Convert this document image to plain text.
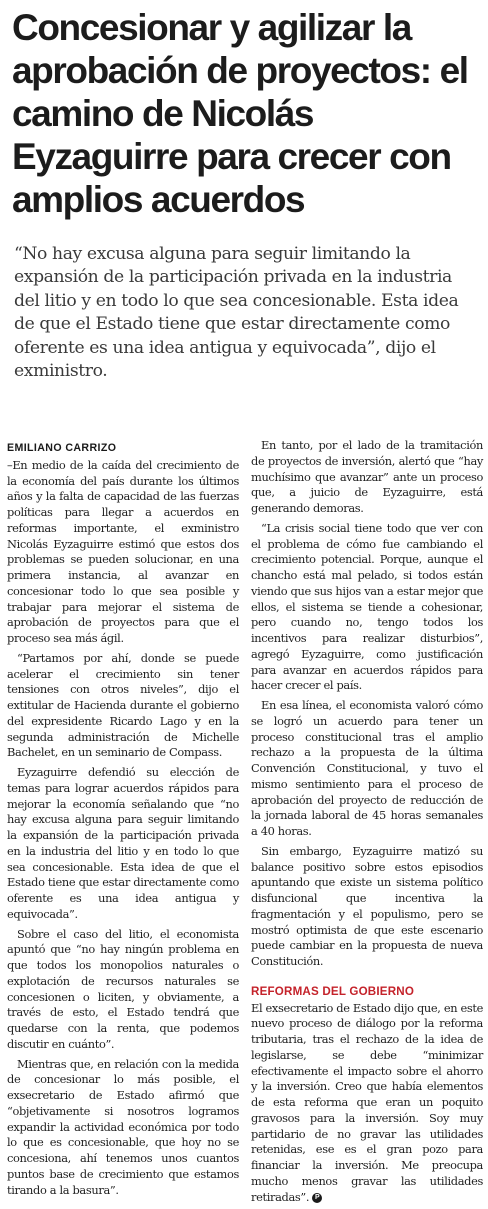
Concesionar y agilizar la aprobación de proyectos: el camino de Nicolás Eyzaguirre para crecer con amplios acuerdos

“No hay excusa alguna para seguir limitando la expansión de la participación privada en la industria del litio y en todo lo que sea concesionable. Esta idea de que el Estado tiene que estar directamente como oferente es una idea antigua y equivocada”, dijo el exministro.

EMILIANO CARRIZO

–En medio de la caída del crecimiento de la economía del país durante los últimos años y la falta de capacidad de las fuerzas políticas para llegar a acuerdos en reformas importante, el exministro Nicolás Eyzaguirre estimó que estos dos problemas se pueden solucionar, en una primera instancia, al avanzar en concesionar todo lo que sea posible y trabajar para mejorar el sistema de aprobación de proyectos para que el proceso sea más ágil.

“Partamos por ahí, donde se puede acelerar el crecimiento sin tener tensiones con otros niveles”, dijo el extitular de Hacienda durante el gobierno del expresidente Ricardo Lago y en la segunda administración de Michelle Bachelet, en un seminario de Compass.

Eyzaguirre defendió su elección de temas para lograr acuerdos rápidos para mejorar la economía señalando que “no hay excusa alguna para seguir limitando la expansión de la participación privada en la industria del litio y en todo lo que sea concesionable. Esta idea de que el Estado tiene que estar directamente como oferente es una idea antigua y equivocada”.

Sobre el caso del litio, el economista apuntó que “no hay ningún problema en que todos los monopolios naturales o explotación de recursos naturales se concesionen o liciten, y obviamente, a través de esto, el Estado tendrá que quedarse con la renta, que podemos discutir en cuánto”.

Mientras que, en relación con la medida de concesionar lo más posible, el exsecretario de Estado afirmó que “objetivamente si nosotros logramos expandir la actividad económica por todo lo que es concesionable, que hoy no se concesiona, ahí tenemos unos cuantos puntos base de crecimiento que estamos tirando a la basura”.

En tanto, por el lado de la tramitación de proyectos de inversión, alertó que “hay muchísimo que avanzar” ante un proceso que, a juicio de Eyzaguirre, está generando demoras.

“La crisis social tiene todo que ver con el problema de cómo fue cambiando el crecimiento potencial. Porque, aunque el chancho está mal pelado, si todos están viendo que sus hijos van a estar mejor que ellos, el sistema se tiende a cohesionar, pero cuando no, tengo todos los incentivos para realizar disturbios”, agregó Eyzaguirre, como justificación para avanzar en acuerdos rápidos para hacer crecer el país.

En esa línea, el economista valoró cómo se logró un acuerdo para tener un proceso constitucional tras el amplio rechazo a la propuesta de la última Convención Constitucional, y tuvo el mismo sentimiento para el proceso de aprobación del proyecto de reducción de la jornada laboral de 45 horas semanales a 40 horas.

Sin embargo, Eyzaguirre matizó su balance positivo sobre estos episodios apuntando que existe un sistema político disfuncional que incentiva la fragmentación y el populismo, pero se mostró optimista de que este escenario puede cambiar en la propuesta de nueva Constitución.

REFORMAS DEL GOBIERNO

El exsecretario de Estado dijo que, en este nuevo proceso de diálogo por la reforma tributaria, tras el rechazo de la idea de legislarse, se debe “minimizar efectivamente el impacto sobre el ahorro y la inversión. Creo que había elementos de esta reforma que eran un poquito gravosos para la inversión. Soy muy partidario de no gravar las utilidades retenidas, ese es el gran pozo para financiar la inversión. Me preocupa mucho menos gravar las utilidades retiradas”. P
